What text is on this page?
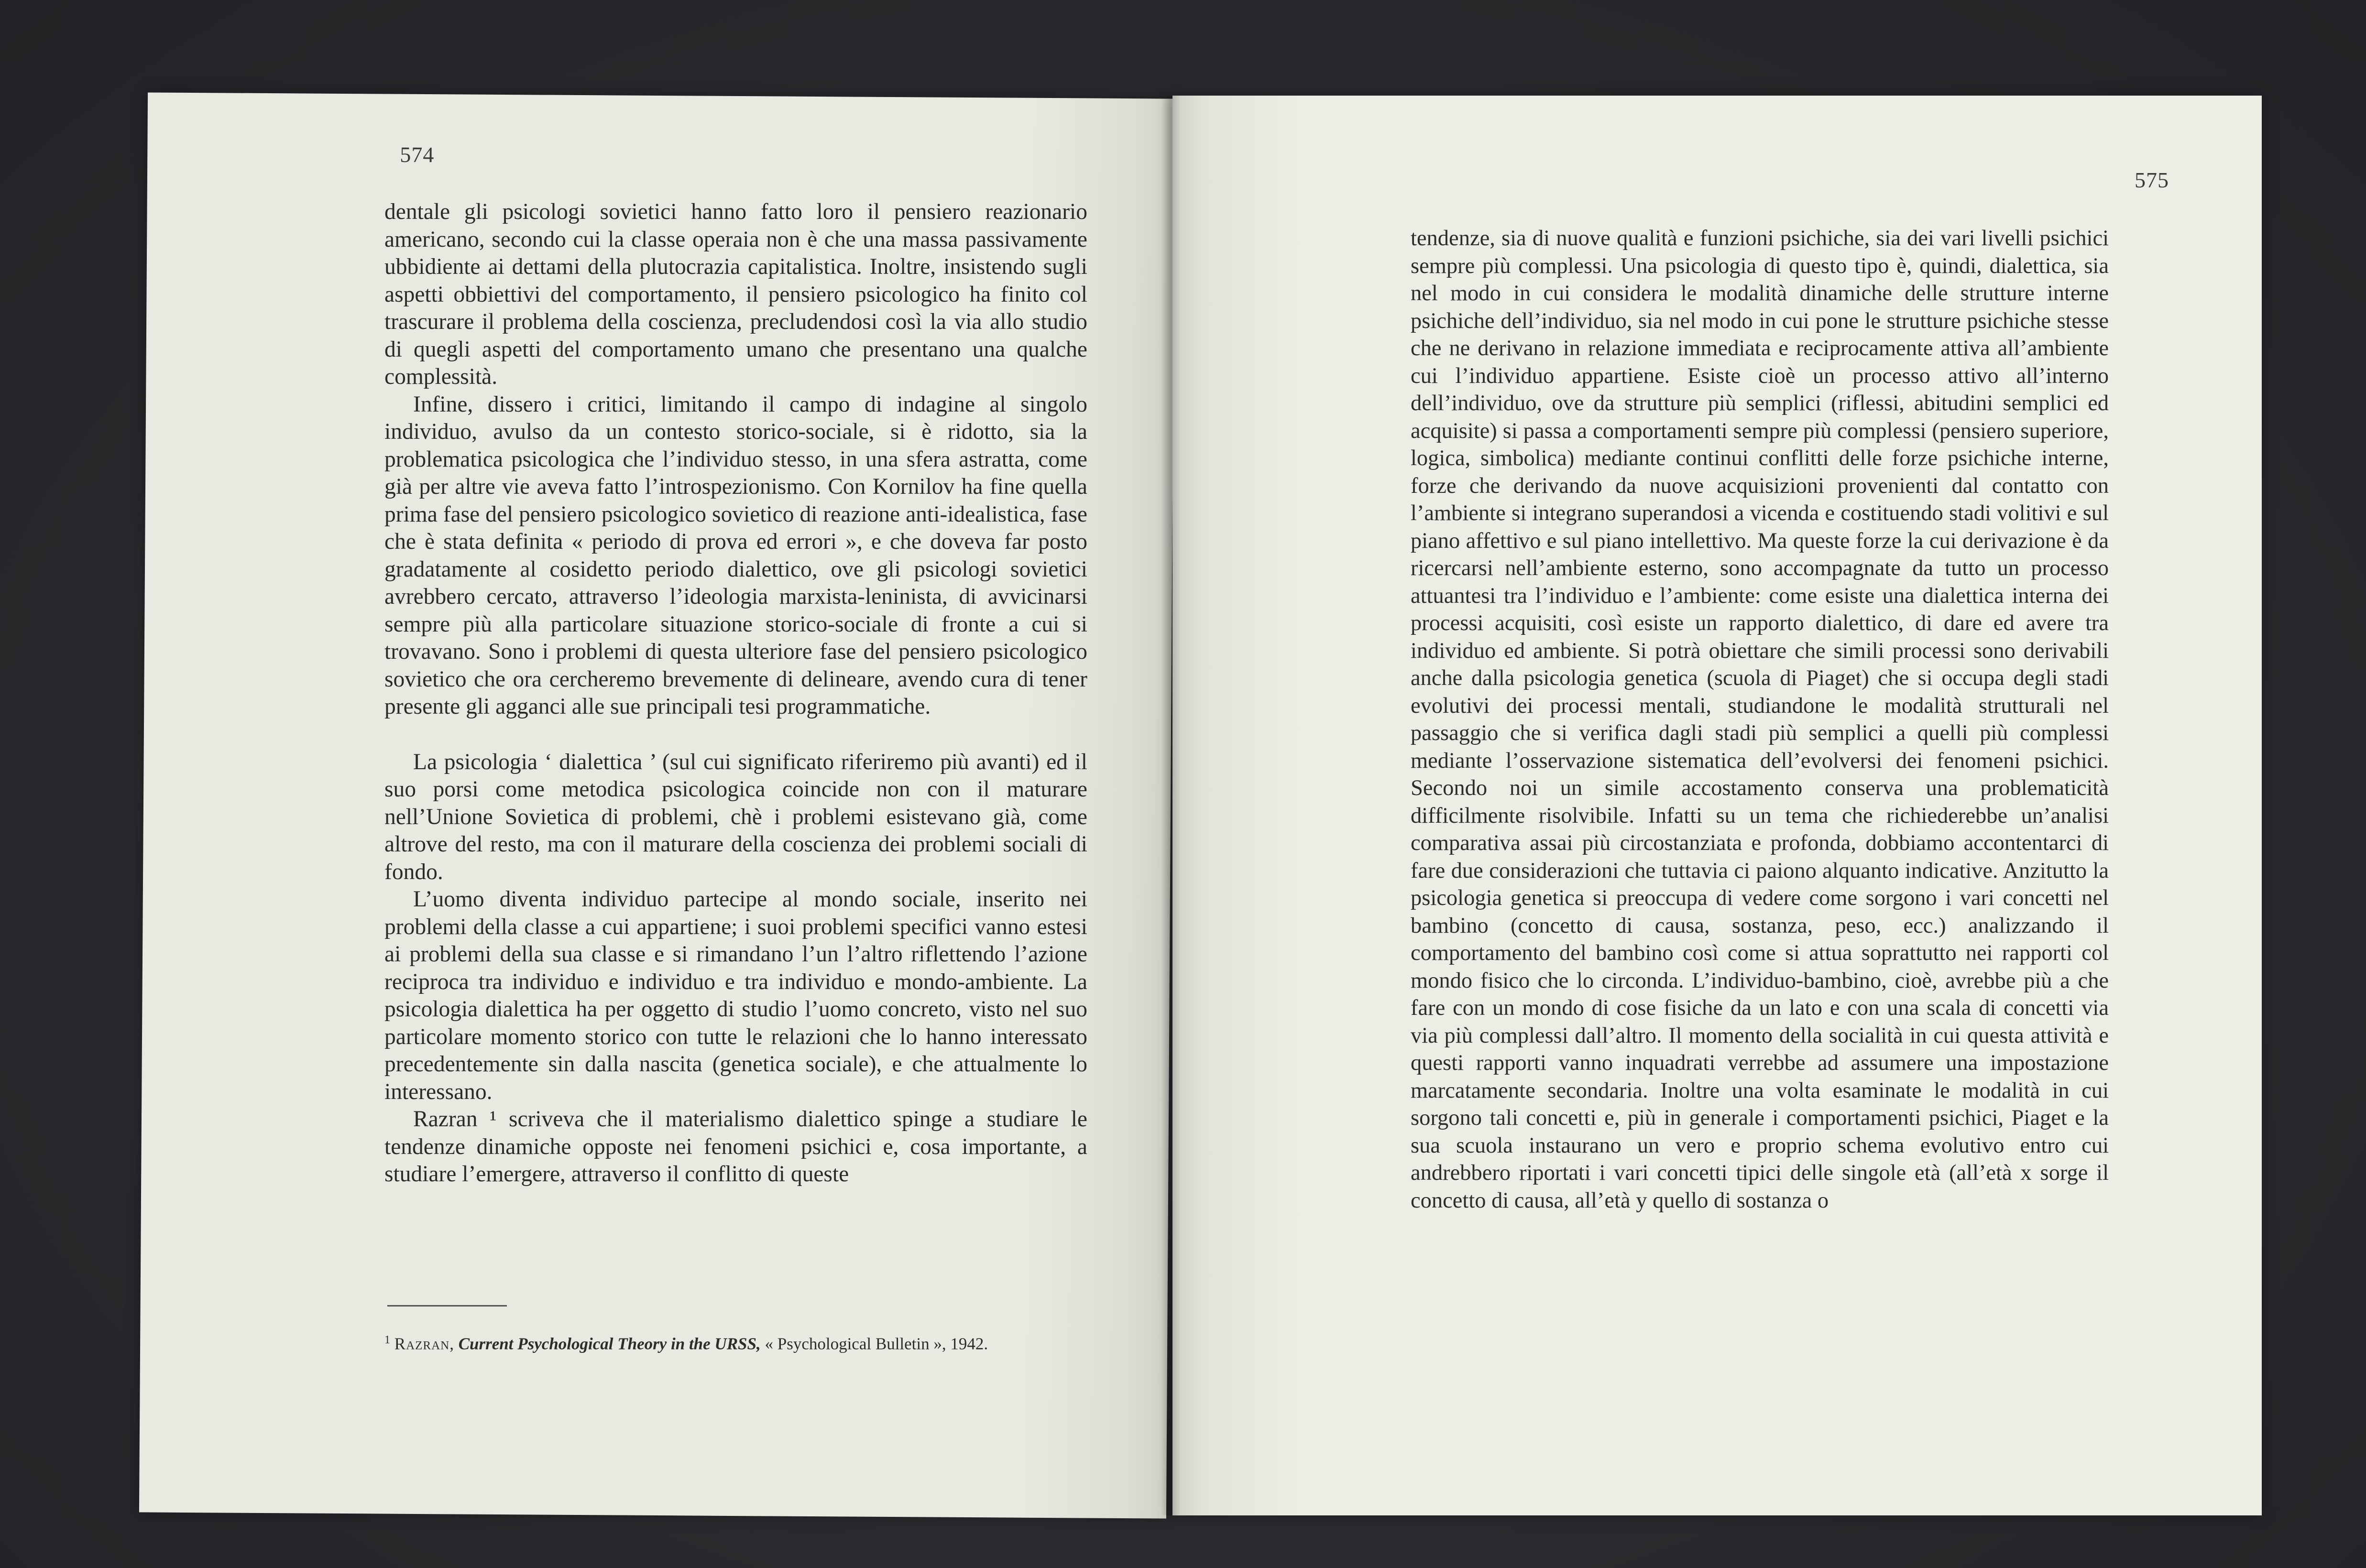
574
575

dentale gli psicologi sovietici hanno fatto loro il pensiero reazionario americano, secondo cui la classe operaia non è che una massa passivamente ubbidiente ai dettami della plutocrazia capitalistica. Inoltre, insistendo sugli aspetti obbiettivi del comportamento, il pensiero psicologico ha finito col trascurare il problema della coscienza, precludendosi così la via allo studio di quegli aspetti del comportamento umano che presentano una qualche complessità.

Infine, dissero i critici, limitando il campo di indagine al singolo individuo, avulso da un contesto storico-sociale, si è ridotto, sia la problematica psicologica che l’individuo stesso, in una sfera astratta, come già per altre vie aveva fatto l’introspezionismo. Con Kornilov ha fine quella prima fase del pensiero psicologico sovietico di reazione anti-idealistica, fase che è stata definita « periodo di prova ed errori », e che doveva far posto gradatamente al cosidetto periodo dialettico, ove gli psicologi sovietici avrebbero cercato, attraverso l’ideologia marxista-leninista, di avvicinarsi sempre più alla particolare situazione storico-sociale di fronte a cui si trovavano. Sono i problemi di questa ulteriore fase del pensiero psicologico sovietico che ora cercheremo brevemente di delineare, avendo cura di tener presente gli agganci alle sue principali tesi programmatiche.

La psicologia ‘ dialettica ’ (sul cui significato riferiremo più avanti) ed il suo porsi come metodica psicologica coincide non con il maturare nell’Unione Sovietica di problemi, chè i problemi esistevano già, come altrove del resto, ma con il maturare della coscienza dei problemi sociali di fondo.

L’uomo diventa individuo partecipe al mondo sociale, inserito nei problemi della classe a cui appartiene; i suoi problemi specifici vanno estesi ai problemi della sua classe e si rimandano l’un l’altro riflettendo l’azione reciproca tra individuo e individuo e tra individuo e mondo-ambiente. La psicologia dialettica ha per oggetto di studio l’uomo concreto, visto nel suo particolare momento storico con tutte le relazioni che lo hanno interessato precedentemente sin dalla nascita (genetica sociale), e che attualmente lo interessano.

Razran ¹ scriveva che il materialismo dialettico spinge a studiare le tendenze dinamiche opposte nei fenomeni psichici e, cosa importante, a studiare l’emergere, attraverso il conflitto di queste

$^1$ Razran, Current Psychological Theory in the URSS, « Psychological Bulletin », 1942.

tendenze, sia di nuove qualità e funzioni psichiche, sia dei vari livelli psichici sempre più complessi. Una psicologia di questo tipo è, quindi, dialettica, sia nel modo in cui considera le modalità dinamiche delle strutture interne psichiche dell’individuo, sia nel modo in cui pone le strutture psichiche stesse che ne derivano in relazione immediata e reciprocamente attiva all’ambiente cui l’individuo appartiene. Esiste cioè un processo attivo all’interno dell’individuo, ove da strutture più semplici (riflessi, abitudini semplici ed acquisite) si passa a comportamenti sempre più complessi (pensiero superiore, logica, simbolica) mediante continui conflitti delle forze psichiche interne, forze che derivando da nuove acquisizioni provenienti dal contatto con l’ambiente si integrano superandosi a vicenda e costituendo stadi volitivi e sul piano affettivo e sul piano intellettivo. Ma queste forze la cui derivazione è da ricercarsi nell’ambiente esterno, sono accompagnate da tutto un processo attuantesi tra l’individuo e l’ambiente: come esiste una dialettica interna dei processi acquisiti, così esiste un rapporto dialettico, di dare ed avere tra individuo ed ambiente. Si potrà obiettare che simili processi sono derivabili anche dalla psicologia genetica (scuola di Piaget) che si occupa degli stadi evolutivi dei processi mentali, studiandone le modalità strutturali nel passaggio che si verifica dagli stadi più semplici a quelli più complessi mediante l’osservazione sistematica dell’evolversi dei fenomeni psichici. Secondo noi un simile accostamento conserva una problematicità difficilmente risolvibile. Infatti su un tema che richiederebbe un’analisi comparativa assai più circostanziata e profonda, dobbiamo accontentarci di fare due considerazioni che tuttavia ci paiono alquanto indicative. Anzitutto la psicologia genetica si preoccupa di vedere come sorgono i vari concetti nel bambino (concetto di causa, sostanza, peso, ecc.) analizzando il comportamento del bambino così come si attua soprattutto nei rapporti col mondo fisico che lo circonda. L’individuo-bambino, cioè, avrebbe più a che fare con un mondo di cose fisiche da un lato e con una scala di concetti via via più complessi dall’altro. Il momento della socialità in cui questa attività e questi rapporti vanno inquadrati verrebbe ad assumere una impostazione marcatamente secondaria. Inoltre una volta esaminate le modalità in cui sorgono tali concetti e, più in generale i comportamenti psichici, Piaget e la sua scuola instaurano un vero e proprio schema evolutivo entro cui andrebbero riportati i vari concetti tipici delle singole età (all’età x sorge il concetto di causa, all’età y quello di sostanza o
